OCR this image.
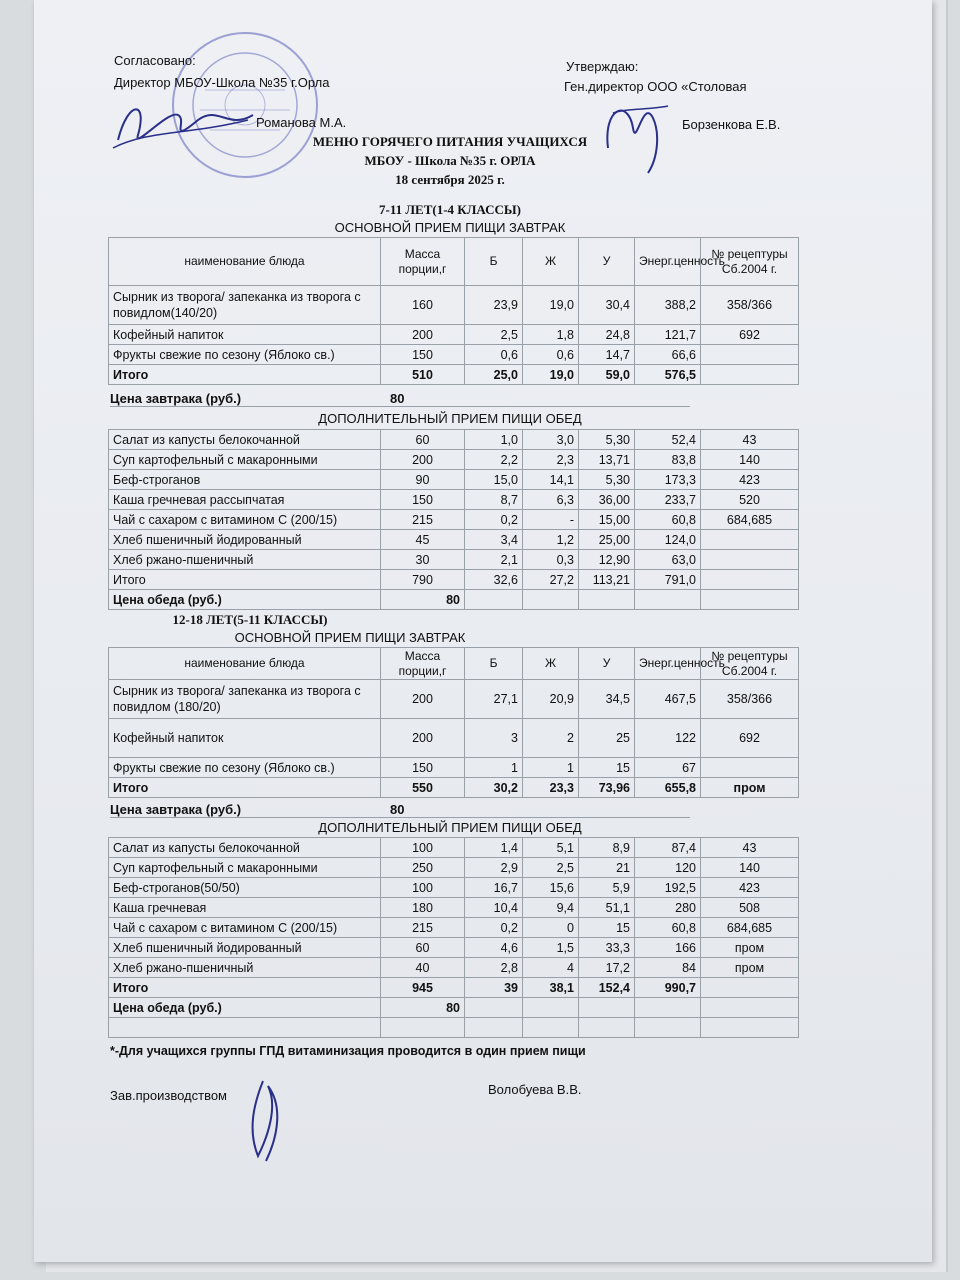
Согласовано:
Директор МБОУ-Школа №35 г.Орла
Романова М.А.
Утверждаю:
Ген.директор ООО «Столовая
Борзенкова Е.В.
МЕНЮ ГОРЯЧЕГО ПИТАНИЯ УЧАЩИХСЯ
МБОУ - Школа №35 г. ОРЛА
18 сентября 2025 г.
7-11 ЛЕТ(1-4 КЛАССЫ)
ОСНОВНОЙ ПРИЕМ ПИЩИ ЗАВТРАК
наименование блюда	Масса порции,г	Б	Ж	У	Энерг.ценность	№ рецептуры Сб.2004 г.
Сырник из творога/ запеканка из творога с повидлом(140/20)	160	23,9	19,0	30,4	388,2	358/366
Кофейный напиток	200	2,5	1,8	24,8	121,7	692
Фрукты свежие по сезону (Яблоко св.)	150	0,6	0,6	14,7	66,6	
Итого	510	25,0	19,0	59,0	576,5	
Цена завтрака (руб.)	80
ДОПОЛНИТЕЛЬНЫЙ ПРИЕМ ПИЩИ ОБЕД
Салат из капусты белокочанной	60	1,0	3,0	5,30	52,4	43
Суп картофельный с макаронными	200	2,2	2,3	13,71	83,8	140
Беф-строганов	90	15,0	14,1	5,30	173,3	423
Каша гречневая рассыпчатая	150	8,7	6,3	36,00	233,7	520
Чай с сахаром с витамином С (200/15)	215	0,2	-	15,00	60,8	684,685
Хлеб пшеничный йодированный	45	3,4	1,2	25,00	124,0	
Хлеб ржано-пшеничный	30	2,1	0,3	12,90	63,0	
Итого	790	32,6	27,2	113,21	791,0	
Цена обеда (руб.)	80					
12-18 ЛЕТ(5-11 КЛАССЫ)
ОСНОВНОЙ ПРИЕМ ПИЩИ ЗАВТРАК
наименование блюда	Масса порции,г	Б	Ж	У	Энерг.ценность	№ рецептуры Сб.2004 г.
Сырник из творога/ запеканка из творога с повидлом (180/20)	200	27,1	20,9	34,5	467,5	358/366
Кофейный напиток	200	3	2	25	122	692
Фрукты свежие по сезону (Яблоко св.)	150	1	1	15	67	
Итого	550	30,2	23,3	73,96	655,8	пром
Цена завтрака (руб.)	80
ДОПОЛНИТЕЛЬНЫЙ ПРИЕМ ПИЩИ ОБЕД
Салат из капусты белокочанной	100	1,4	5,1	8,9	87,4	43
Суп картофельный с макаронными	250	2,9	2,5	21	120	140
Беф-строганов(50/50)	100	16,7	15,6	5,9	192,5	423
Каша гречневая	180	10,4	9,4	51,1	280	508
Чай с сахаром с витамином С (200/15)	215	0,2	0	15	60,8	684,685
Хлеб пшеничный йодированный	60	4,6	1,5	33,3	166	пром
Хлеб ржано-пшеничный	40	2,8	4	17,2	84	пром
Итого	945	39	38,1	152,4	990,7	
Цена обеда (руб.)	80					

*-Для учащихся группы ГПД витаминизация проводится в один прием пищи
Зав.производством	Волобуева В.В.
